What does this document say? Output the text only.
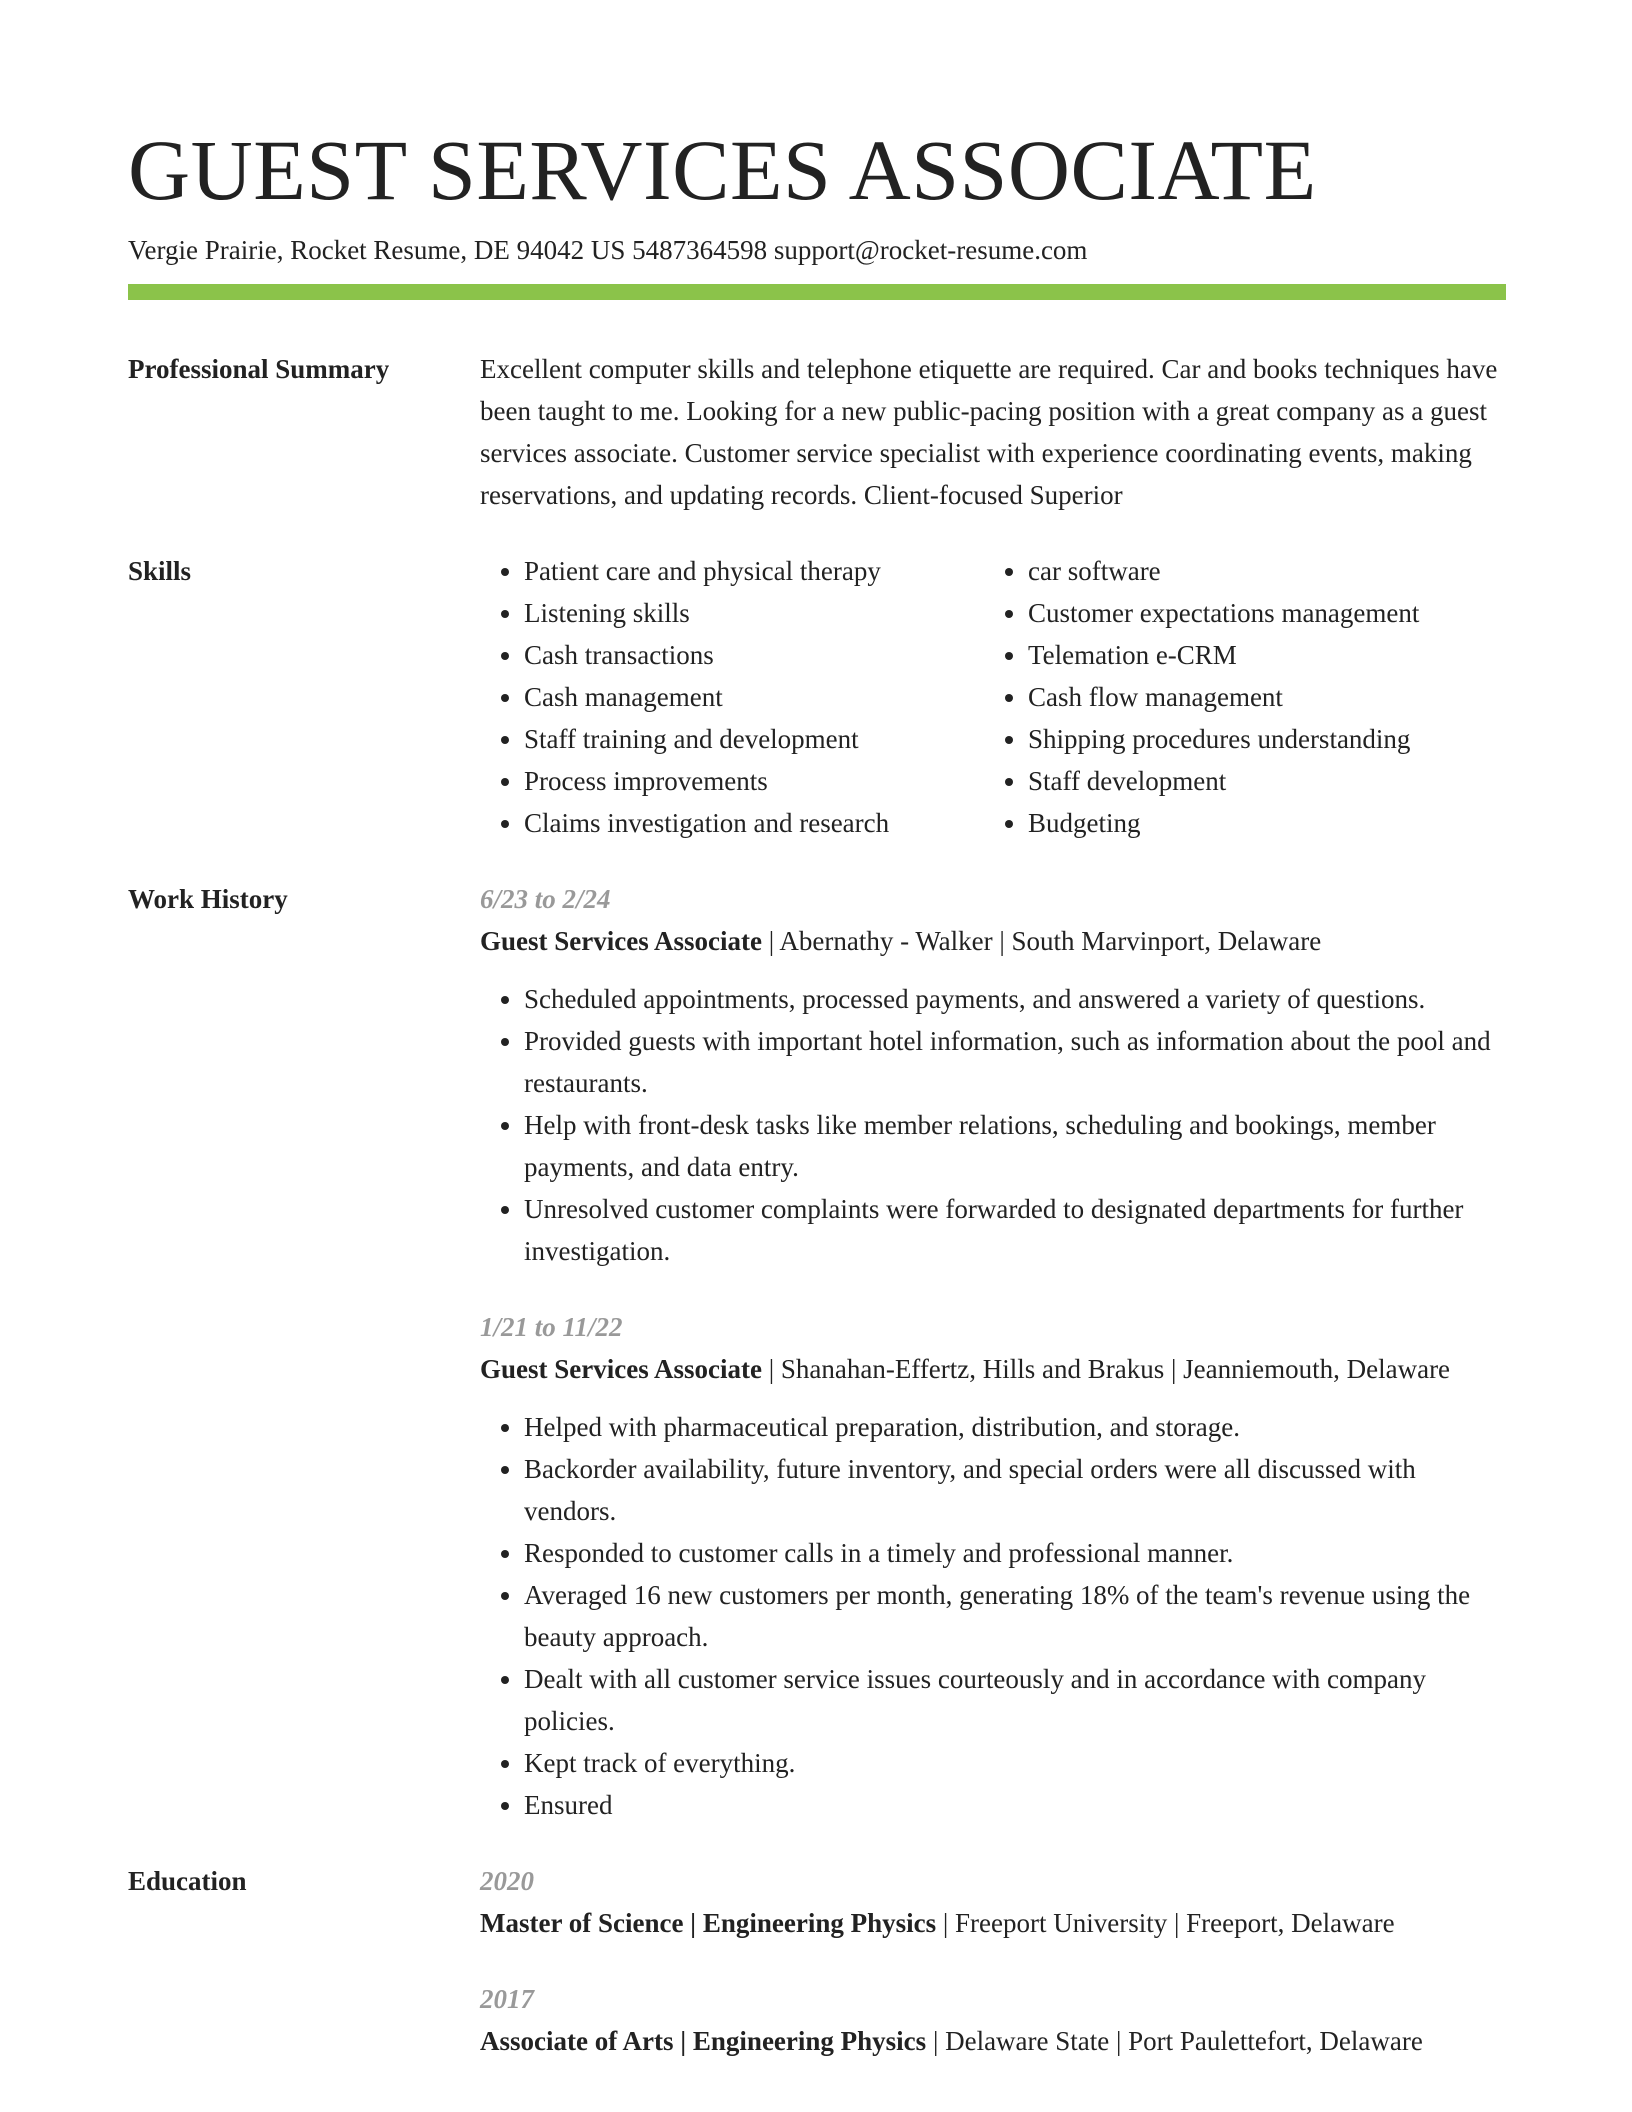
GUEST SERVICES ASSOCIATE
Vergie Prairie, Rocket Resume, DE 94042 US 5487364598 support@rocket-resume.com
Professional Summary	Excellent computer skills and telephone etiquette are required. Car and books techniques have been taught to me. Looking for a new public-pacing position with a great company as a guest services associate. Customer service specialist with experience coordinating events, making reservations, and updating records. Client-focused Superior

Skills
•	Patient care and physical therapy
• Listening skills
• Cash transactions
• Cash management
• Staff training and development
• Process improvements
• Claims investigation and research
• car software
• Customer expectations management
• Telemation e-CRM
• Cash flow management
• Shipping procedures understanding
• Staff development
• Budgeting
Work History	6/23 to 2/24
Guest Services Associate | Abernathy - Walker | South Marvinport, Delaware
• Scheduled appointments, processed payments, and answered a variety of questions.
• Provided guests with important hotel information, such as information about the pool and restaurants.
• Help with front-desk tasks like member relations, scheduling and bookings, member payments, and data entry.
• Unresolved customer complaints were forwarded to designated departments for further investigation.
1/21 to 11/22
Guest Services Associate | Shanahan-Effertz, Hills and Brakus | Jeanniemouth, Delaware
• Helped with pharmaceutical preparation, distribution, and storage.
• Backorder availability, future inventory, and special orders were all discussed with vendors.
• Responded to customer calls in a timely and professional manner.
• Averaged 16 new customers per month, generating 18% of the team's revenue using the beauty approach.
• Dealt with all customer service issues courteously and in accordance with company policies.
• Kept track of everything.
• Ensured
Education	2020
Master of Science | Engineering Physics | Freeport University | Freeport, Delaware
2017
Associate of Arts | Engineering Physics | Delaware State | Port Paulettefort, Delaware
